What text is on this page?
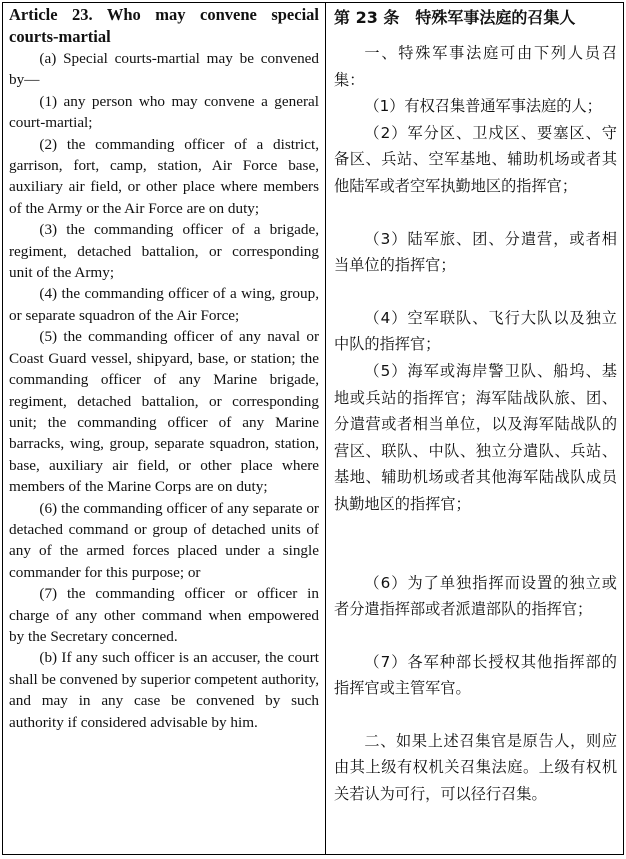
Article 23. Who may convene special courts-martial

(a) Special courts-martial may be convened by—

(1) any person who may convene a general court-martial;

(2) the commanding officer of a district, garrison, fort, camp, station, Air Force base, auxiliary air field, or other place where members of the Army or the Air Force are on duty;

(3) the commanding officer of a brigade, regiment, detached battalion, or corresponding unit of the Army;

(4) the commanding officer of a wing, group, or separate squadron of the Air Force;

(5) the commanding officer of any naval or Coast Guard vessel, shipyard, base, or station; the commanding officer of any Marine brigade, regiment, detached battalion, or corresponding unit; the commanding officer of any Marine barracks, wing, group, separate squadron, station, base, auxiliary air field, or other place where members of the Marine Corps are on duty;

(6) the commanding officer of any separate or detached command or group of detached units of any of the armed forces placed under a single commander for this purpose; or

(7) the commanding officer or officer in charge of any other command when empowered by the Secretary concerned.

(b) If any such officer is an accuser, the court shall be convened by superior competent authority, and may in any case be convened by such authority if considered advisable by him.

第 23 条　特殊军事法庭的召集人

一、特殊军事法庭可由下列人员召集：

（1）有权召集普通军事法庭的人；

（2）军分区、卫戍区、要塞区、守备区、兵站、空军基地、辅助机场或者其他陆军或者空军执勤地区的指挥官；

（3）陆军旅、团、分遣营，或者相当单位的指挥官；

（4）空军联队、飞行大队以及独立中队的指挥官；

（5）海军或海岸警卫队、船坞、基地或兵站的指挥官；海军陆战队旅、团、分遣营或者相当单位，以及海军陆战队的营区、联队、中队、独立分遣队、兵站、基地、辅助机场或者其他海军陆战队成员执勤地区的指挥官；

（6）为了单独指挥而设置的独立或者分遣指挥部或者派遣部队的指挥官；

（7）各军种部长授权其他指挥部的指挥官或主管军官。

二、如果上述召集官是原告人，则应由其上级有权机关召集法庭。上级有权机关若认为可行，可以径行召集。
